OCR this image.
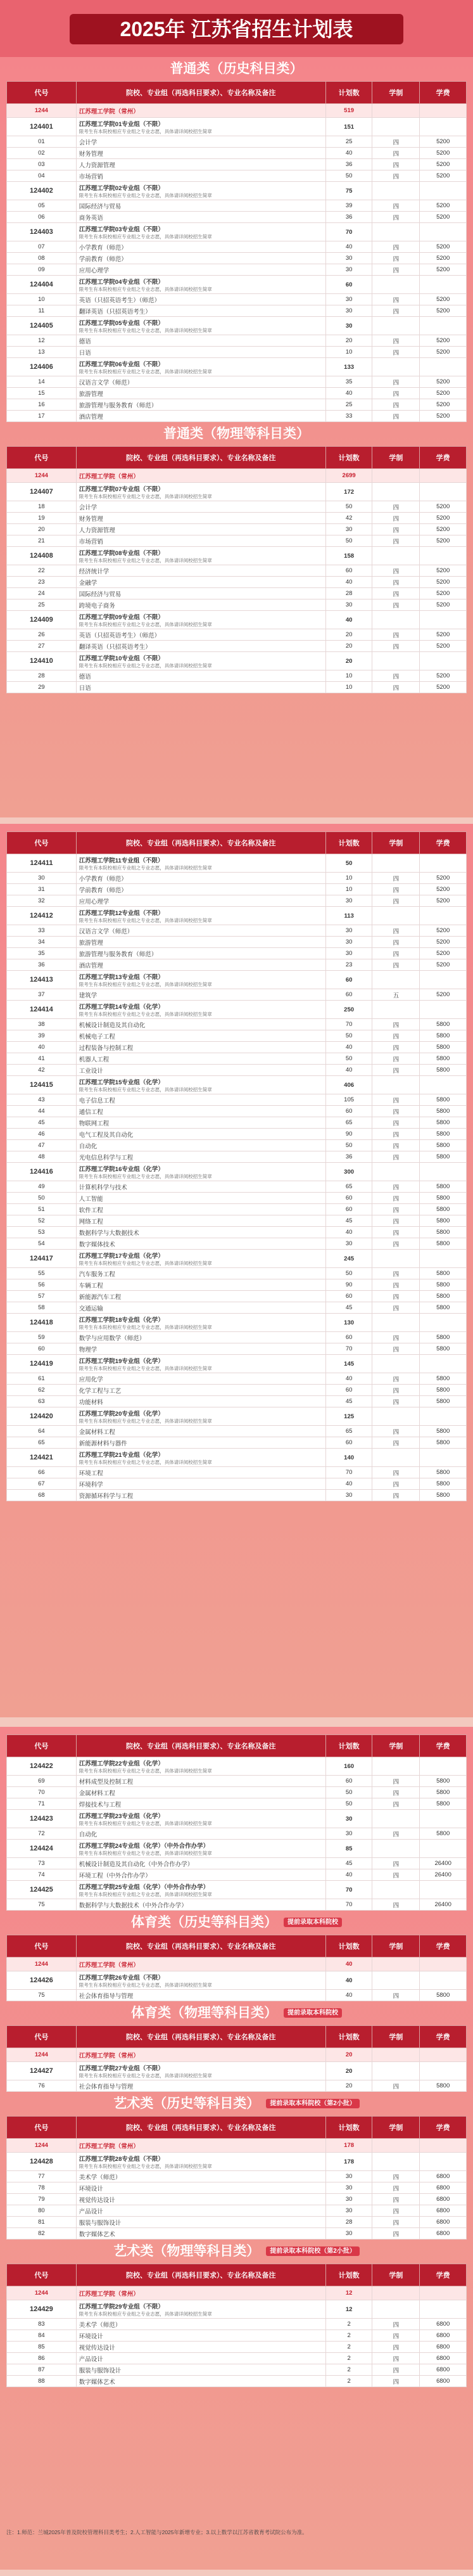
2025年 江苏省招生计划表
普通类（历史科目类）
代号	院校、专业组（再选科目要求）、专业名称及备注	计划数	学制	学费
1244	江苏理工学院（常州）	519		
124401	江苏理工学院01专业组（不限）
限考生有本院校相应专业组之专业志愿，具体请详阅校招生简章	151		
01	会计学	25	四	5200
02	财务管理	40	四	5200
03	人力资源管理	36	四	5200
04	市场营销	50	四	5200
124402	江苏理工学院02专业组（不限）
限考生有本院校相应专业组之专业志愿，具体请详阅校招生简章	75		
05	国际经济与贸易	39	四	5200
06	商务英语	36	四	5200
124403	江苏理工学院03专业组（不限）
限考生有本院校相应专业组之专业志愿，具体请详阅校招生简章	70		
07	小学教育（师范）	40	四	5200
08	学前教育（师范）	30	四	5200
09	应用心理学	30	四	5200
124404	江苏理工学院04专业组（不限）
限考生有本院校相应专业组之专业志愿，具体请详阅校招生简章	60		
10	英语（只招英语考生）（师范）	30	四	5200
11	翻译英语（只招英语考生）	30	四	5200
124405	江苏理工学院05专业组（不限）
限考生有本院校相应专业组之专业志愿，具体请详阅校招生简章	30		
12	德语	20	四	5200
13	日语	10	四	5200
124406	江苏理工学院06专业组（不限）
限考生有本院校相应专业组之专业志愿，具体请详阅校招生简章	133		
14	汉语言文学（师范）	35	四	5200
15	旅游管理	40	四	5200
16	旅游管理与服务教育（师范）	25	四	5200
17	酒店管理	33	四	5200
普通类（物理等科目类）
代号	院校、专业组（再选科目要求）、专业名称及备注	计划数	学制	学费
1244	江苏理工学院（常州）	2699		
124407	江苏理工学院07专业组（不限）
限考生有本院校相应专业组之专业志愿，具体请详阅校招生简章	172		
18	会计学	50	四	5200
19	财务管理	42	四	5200
20	人力资源管理	30	四	5200
21	市场营销	50	四	5200
124408	江苏理工学院08专业组（不限）
限考生有本院校相应专业组之专业志愿，具体请详阅校招生简章	158		
22	经济统计学	60	四	5200
23	金融学	40	四	5200
24	国际经济与贸易	28	四	5200
25	跨境电子商务	30	四	5200
124409	江苏理工学院09专业组（不限）
限考生有本院校相应专业组之专业志愿，具体请详阅校招生简章	40		
26	英语（只招英语考生）（师范）	20	四	5200
27	翻译英语（只招英语考生）	20	四	5200
124410	江苏理工学院10专业组（不限）
限考生有本院校相应专业组之专业志愿，具体请详阅校招生简章	20		
28	德语	10	四	5200
29	日语	10	四	5200
代号	院校、专业组（再选科目要求）、专业名称及备注	计划数	学制	学费
124411	江苏理工学院11专业组（不限）
限考生有本院校相应专业组之专业志愿，具体请详阅校招生简章	50		
30	小学教育（师范）	10	四	5200
31	学前教育（师范）	10	四	5200
32	应用心理学	30	四	5200
124412	江苏理工学院12专业组（不限）
限考生有本院校相应专业组之专业志愿，具体请详阅校招生简章	113		
33	汉语言文学（师范）	30	四	5200
34	旅游管理	30	四	5200
35	旅游管理与服务教育（师范）	30	四	5200
36	酒店管理	23	四	5200
124413	江苏理工学院13专业组（不限）
限考生有本院校相应专业组之专业志愿，具体请详阅校招生简章	60		
37	建筑学	60	五	5200
124414	江苏理工学院14专业组（化学）
限考生有本院校相应专业组之专业志愿，具体请详阅校招生简章	250		
38	机械设计制造及其自动化	70	四	5800
39	机械电子工程	50	四	5800
40	过程装备与控制工程	40	四	5800
41	机器人工程	50	四	5800
42	工业设计	40	四	5800
124415	江苏理工学院15专业组（化学）
限考生有本院校相应专业组之专业志愿，具体请详阅校招生简章	406		
43	电子信息工程	105	四	5800
44	通信工程	60	四	5800
45	物联网工程	65	四	5800
46	电气工程及其自动化	90	四	5800
47	自动化	50	四	5800
48	光电信息科学与工程	36	四	5800
124416	江苏理工学院16专业组（化学）
限考生有本院校相应专业组之专业志愿，具体请详阅校招生简章	300		
49	计算机科学与技术	65	四	5800
50	人工智能	60	四	5800
51	软件工程	60	四	5800
52	网络工程	45	四	5800
53	数据科学与大数据技术	40	四	5800
54	数字媒体技术	30	四	5800
124417	江苏理工学院17专业组（化学）
限考生有本院校相应专业组之专业志愿，具体请详阅校招生简章	245		
55	汽车服务工程	50	四	5800
56	车辆工程	90	四	5800
57	新能源汽车工程	60	四	5800
58	交通运输	45	四	5800
124418	江苏理工学院18专业组（化学）
限考生有本院校相应专业组之专业志愿，具体请详阅校招生简章	130		
59	数学与应用数学（师范）	60	四	5800
60	物理学	70	四	5800
124419	江苏理工学院19专业组（化学）
限考生有本院校相应专业组之专业志愿，具体请详阅校招生简章	145		
61	应用化学	40	四	5800
62	化学工程与工艺	60	四	5800
63	功能材料	45	四	5800
124420	江苏理工学院20专业组（化学）
限考生有本院校相应专业组之专业志愿，具体请详阅校招生简章	125		
64	金属材料工程	65	四	5800
65	新能源材料与器件	60	四	5800
124421	江苏理工学院21专业组（化学）
限考生有本院校相应专业组之专业志愿，具体请详阅校招生简章	140		
66	环境工程	70	四	5800
67	环境科学	40	四	5800
68	资源循环科学与工程	30	四	5800
代号	院校、专业组（再选科目要求）、专业名称及备注	计划数	学制	学费
124422	江苏理工学院22专业组（化学）
限考生有本院校相应专业组之专业志愿，具体请详阅校招生简章	160		
69	材料成型及控制工程	60	四	5800
70	金属材料工程	50	四	5800
71	焊接技术与工程	50	四	5800
124423	江苏理工学院23专业组（化学）
限考生有本院校相应专业组之专业志愿，具体请详阅校招生简章	30		
72	自动化	30	四	5800
124424	江苏理工学院24专业组（化学）（中外合作办学）
限考生有本院校相应专业组之专业志愿，具体请详阅校招生简章	85		
73	机械设计制造及其自动化（中外合作办学）	45	四	26400
74	环境工程（中外合作办学）	40	四	26400
124425	江苏理工学院25专业组（化学）（中外合作办学）
限考生有本院校相应专业组之专业志愿，具体请详阅校招生简章	70		
75	数据科学与大数据技术（中外合作办学）	70	四	26400
体育类（历史等科目类） 提前录取本科院校
代号	院校、专业组（再选科目要求）、专业名称及备注	计划数	学制	学费
1244	江苏理工学院（常州）	40		
124426	江苏理工学院26专业组（不限）
限考生有本院校相应专业组之专业志愿，具体请详阅校招生简章	40		
75	社会体育指导与管理	40	四	5800
体育类（物理等科目类） 提前录取本科院校
代号	院校、专业组（再选科目要求）、专业名称及备注	计划数	学制	学费
1244	江苏理工学院（常州）	20		
124427	江苏理工学院27专业组（不限）
限考生有本院校相应专业组之专业志愿，具体请详阅校招生简章	20		
76	社会体育指导与管理	20	四	5800
艺术类（历史等科目类） 提前录取本科院校（第2小批）
代号	院校、专业组（再选科目要求）、专业名称及备注	计划数	学制	学费
1244	江苏理工学院（常州）	178		
124428	江苏理工学院28专业组（不限）
限考生有本院校相应专业组之专业志愿，具体请详阅校招生简章	178		
77	美术学（师范）	30	四	6800
78	环境设计	30	四	6800
79	视觉传达设计	30	四	6800
80	产品设计	30	四	6800
81	服装与服饰设计	28	四	6800
82	数字媒体艺术	30	四	6800
艺术类（物理等科目类） 提前录取本科院校（第2小批）
代号	院校、专业组（再选科目要求）、专业名称及备注	计划数	学制	学费
1244	江苏理工学院（常州）	12		
124429	江苏理工学院29专业组（不限）
限考生有本院校相应专业组之专业志愿，具体请详阅校招生简章	12		
83	美术学（师范）	2	四	6800
84	环境设计	2	四	6800
85	视觉传达设计	2	四	6800
86	产品设计	2	四	6800
87	服装与服饰设计	2	四	6800
88	数字媒体艺术	2	四	6800
注：1.师范：兰城2025年普及院校管理科目类考生；2.人工智能与2025年新增专业；3.以上数学以江苏省教育考试院公布为准。
